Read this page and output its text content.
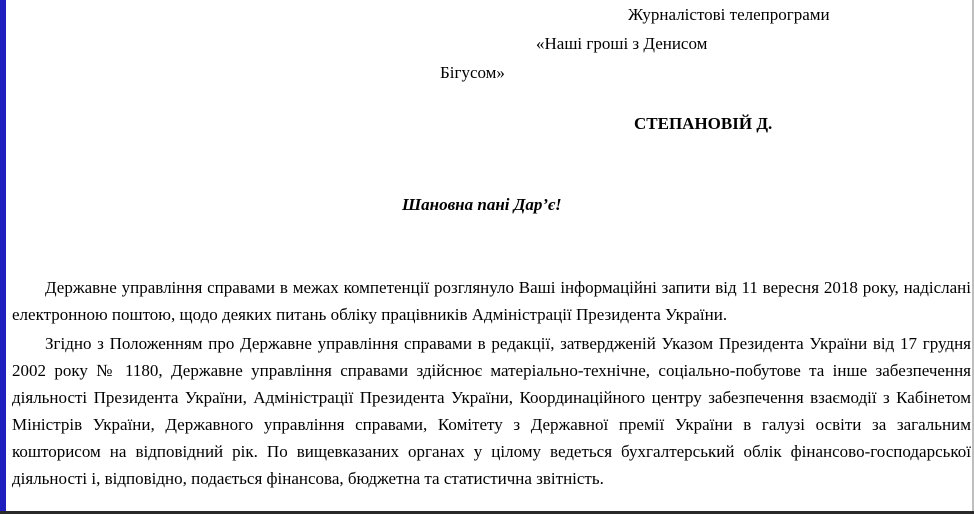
Журналістові телепрограми
«Наші гроші з Денисом
Бігусом»
СТЕПАНОВІЙ Д.
Шановна пані Дар’є!

Державне управління справами в межах компетенції розглянуло Ваші інформаційні запити від 11 вересня 2018 року, надіслані електронною поштою, щодо деяких питань обліку працівників Адміністрації Президента України.

Згідно з Положенням про Державне управління справами в редакції, затвердженій Указом Президента України від 17 грудня 2002 року № 1180, Державне управління справами здійснює матеріально-технічне, соціально-побутове та інше забезпечення діяльності Президента України, Адміністрації Президента України, Координаційного центру забезпечення взаємодії з Кабінетом Міністрів України, Державного управління справами, Комітету з Державної премії України в галузі освіти за загальним кошторисом на відповідний рік. По вищевказаних органах у цілому ведеться бухгалтерський облік фінансово-господарської діяльності і, відповідно, подається фінансова, бюджетна та статистична звітність.
